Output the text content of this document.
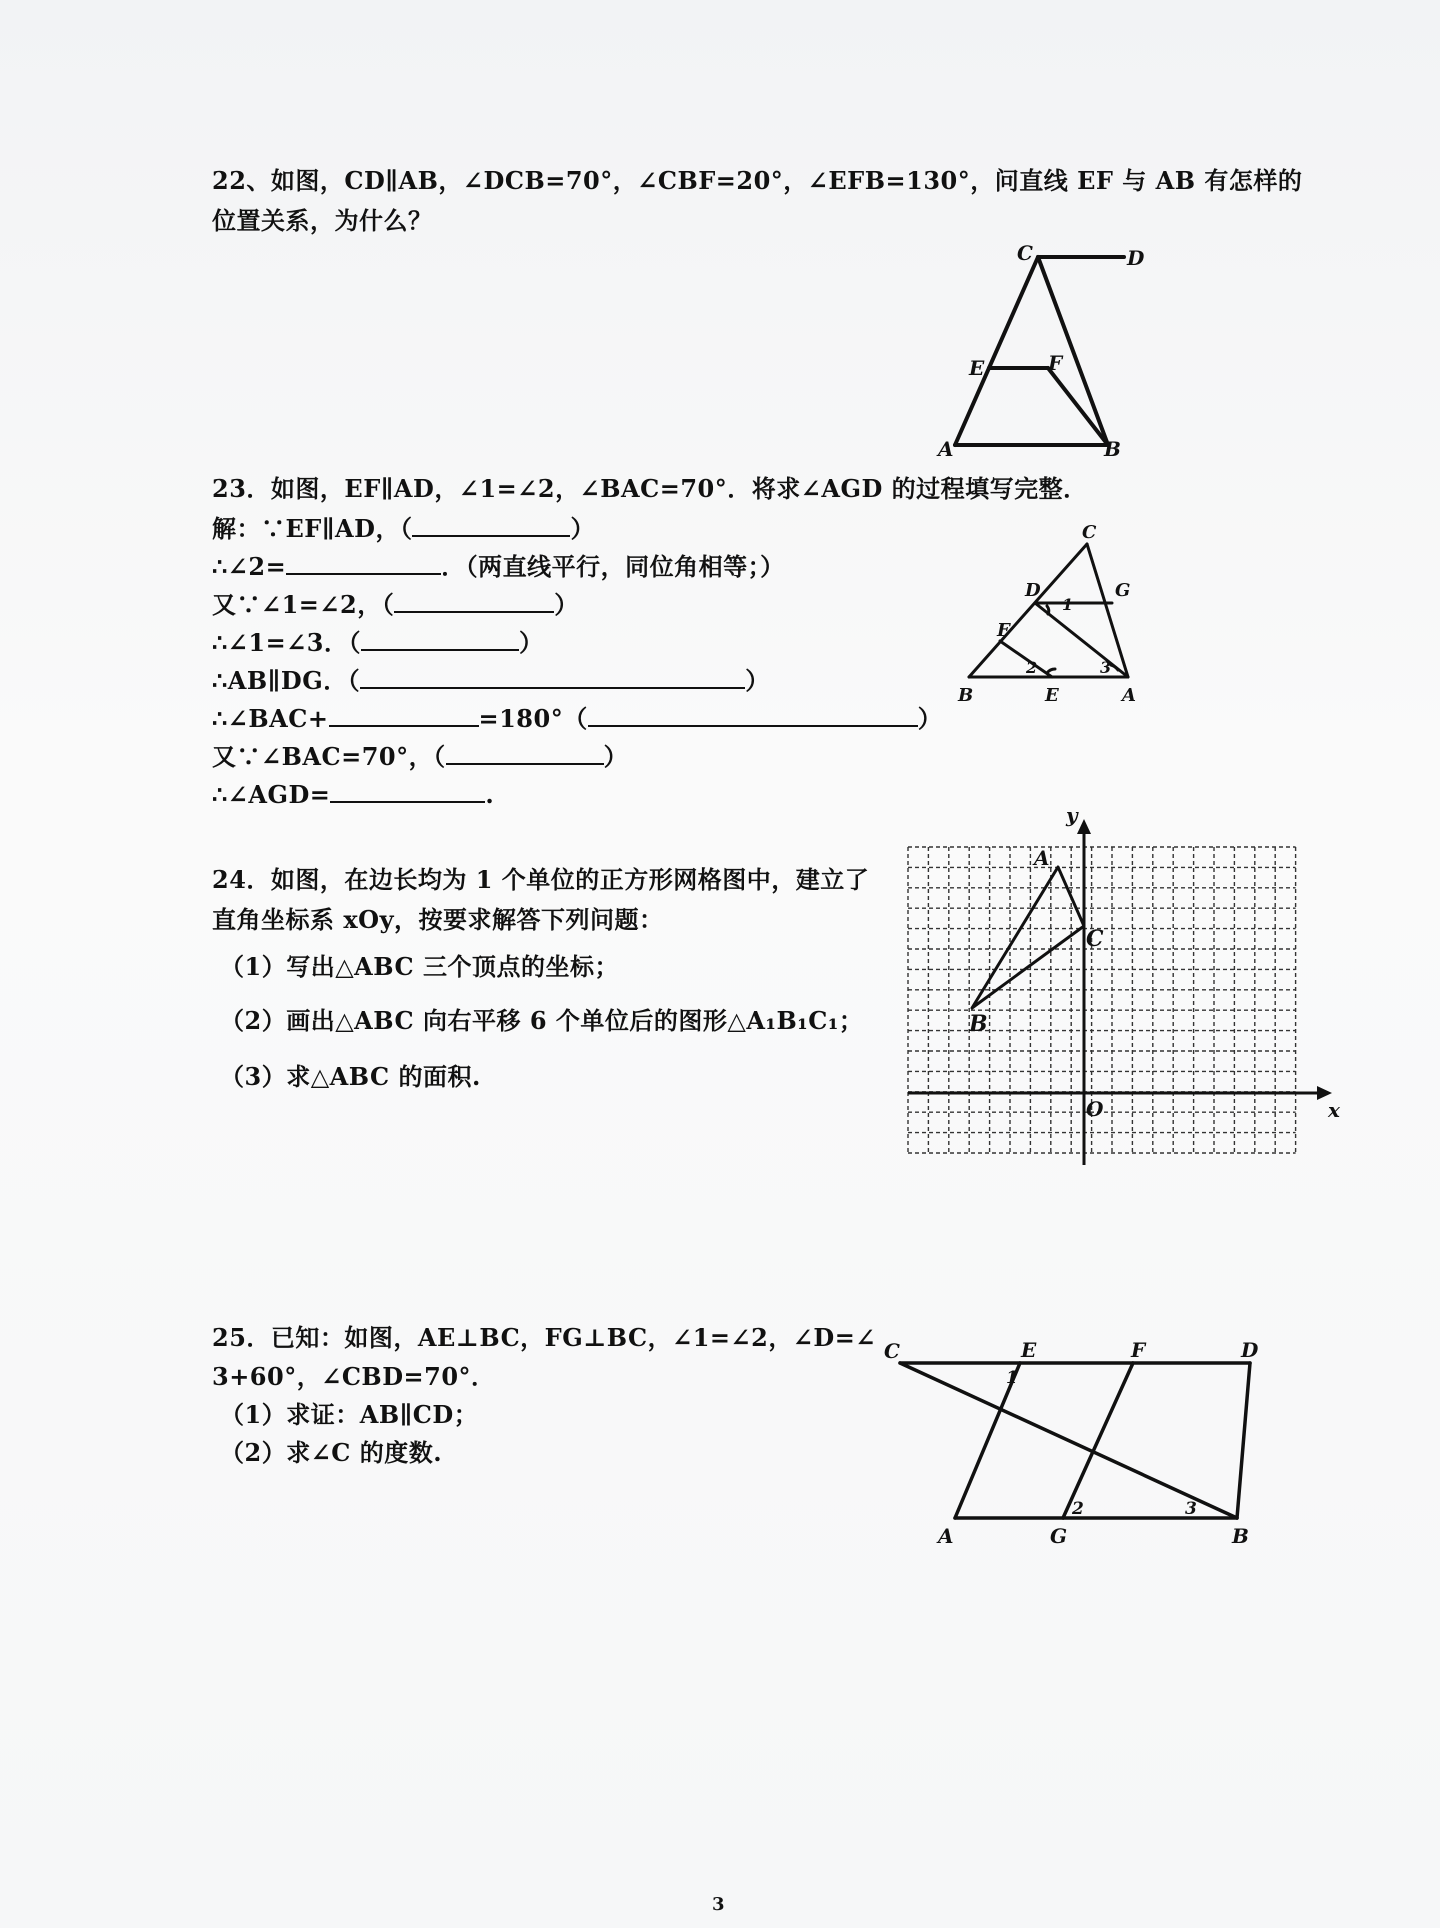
22、如图，CD∥AB，∠DCB=70°，∠CBF=20°，∠EFB=130°，问直线 EF 与 AB 有怎样的
位置关系，为什么？
C	D
E	F
A	B
23．如图，EF∥AD，∠1=∠2，∠BAC=70°．将求∠AGD 的过程填写完整．
解：∵EF∥AD，（	）
∴∠2=	．（两直线平行，同位角相等；）
又∵∠1=∠2，（	）
∴∠1=∠3．（	）
∴AB∥DG．（	）
∴∠BAC+	=180°（	）
又∵∠BAC=70°，（	）
∴∠AGD=	.
C
D	G
1
F
2	3
B	E	A
24．如图，在边长均为 1 个单位的正方形网格图中，建立了
直角坐标系 xOy，按要求解答下列问题：
（1）写出△ABC 三个顶点的坐标；
（2）画出△ABC 向右平移 6 个单位后的图形△A₁B₁C₁；
（3）求△ABC 的面积.
y
x
O
A
C
B
25．已知：如图，AE⊥BC，FG⊥BC，∠1=∠2，∠D=∠
3+60°，∠CBD=70°．
（1）求证：AB∥CD；
（2）求∠C 的度数.
C	E	F	D
1
2	3
A	G	B
3
